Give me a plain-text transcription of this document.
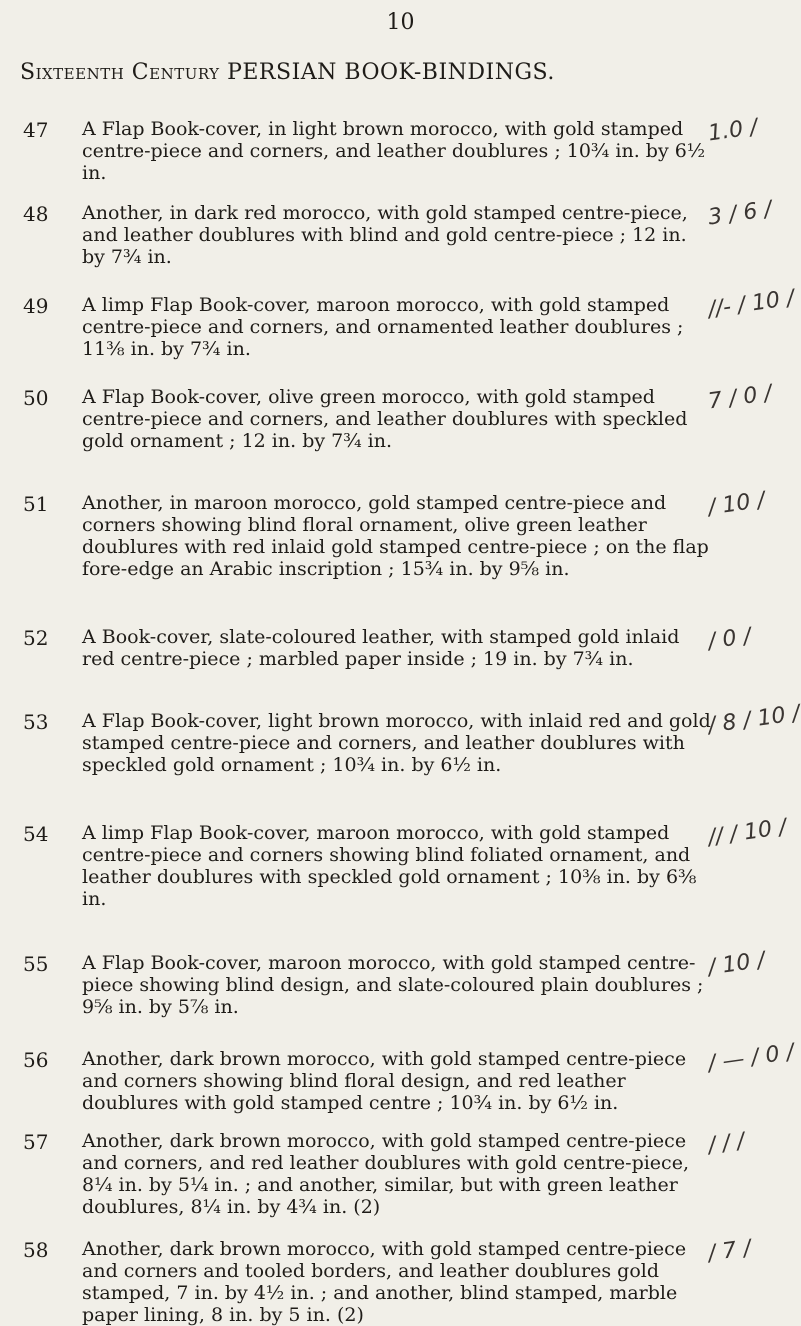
10
Sixteenth Century PERSIAN BOOK-BINDINGS.
47 A Flap Book-cover, in light brown morocco, with gold stamped centre-piece and corners, and leather doublures ; 10¾ in. by 6½ in.
1.0 /
48 Another, in dark red morocco, with gold stamped centre-piece, and leather doublures with blind and gold centre-piece ; 12 in. by 7¾ in.
3 / 6 /
49 A limp Flap Book-cover, maroon morocco, with gold stamped centre-piece and corners, and ornamented leather doublures ; 11⅜ in. by 7¾ in.
//- / 10 /
50 A Flap Book-cover, olive green morocco, with gold stamped centre-piece and corners, and leather doublures with speckled gold ornament ; 12 in. by 7¾ in.
7 / 0 /
51 Another, in maroon morocco, gold stamped centre-piece and corners showing blind floral ornament, olive green leather doublures with red inlaid gold stamped centre-piece ; on the flap fore-edge an Arabic inscription ; 15¾ in. by 9⅝ in.
/ 10 /
52 A Book-cover, slate-coloured leather, with stamped gold inlaid red centre-piece ; marbled paper inside ; 19 in. by 7¾ in.
/ 0 /
53 A Flap Book-cover, light brown morocco, with inlaid red and gold stamped centre-piece and corners, and leather doublures with speckled gold ornament ; 10¾ in. by 6½ in.
/ 8 / 10 /
54 A limp Flap Book-cover, maroon morocco, with gold stamped centre-piece and corners showing blind foliated ornament, and leather doublures with speckled gold ornament ; 10⅜ in. by 6⅜ in.
// / 10 /
55 A Flap Book-cover, maroon morocco, with gold stamped centre-piece showing blind design, and slate-coloured plain doublures ; 9⅝ in. by 5⅞ in.
/ 10 /
56 Another, dark brown morocco, with gold stamped centre-piece and corners showing blind floral design, and red leather doublures with gold stamped centre ; 10¾ in. by 6½ in.
/ — / 0 /
57 Another, dark brown morocco, with gold stamped centre-piece and corners, and red leather doublures with gold centre-piece, 8¼ in. by 5¼ in. ; and another, similar, but with green leather doublures, 8¼ in. by 4¾ in. (2)
/ / /
58 Another, dark brown morocco, with gold stamped centre-piece and corners and tooled borders, and leather doublures gold stamped, 7 in. by 4½ in. ; and another, blind stamped, marble paper lining, 8 in. by 5 in. (2)
/ 7 /
